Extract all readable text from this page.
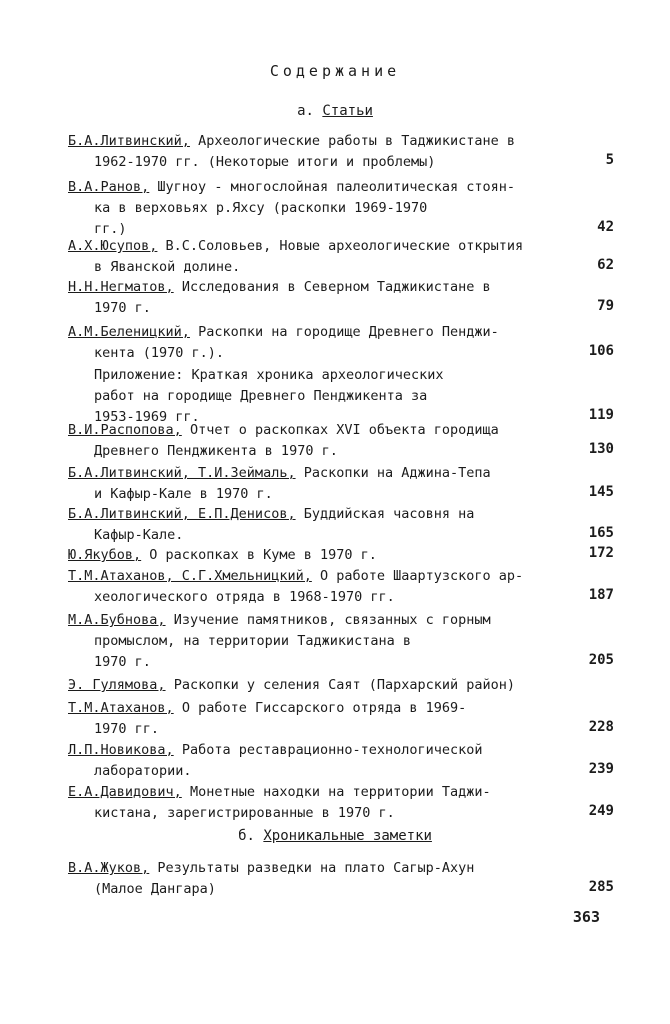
Содержание
а. Статьи
б. Хроникальные заметки
Б.А.Литвинский, Археологические работы в Таджикистане в
1962-1970 гг. (Некоторые итоги и проблемы)	5
В.А.Ранов, Шугноу - многослойная палеолитическая стоян-
ка в верховьях р.Яхсу (раскопки 1969-1970
гг.)	42
А.Х.Юсупов, В.С.Соловьев, Новые археологические открытия
в Яванской долине.	62
Н.Н.Негматов, Исследования в Северном Таджикистане в
1970 г.	79
А.М.Беленицкий, Раскопки на городище Древнего Пенджи-
кента (1970 г.).	106
Приложение: Краткая хроника археологических
работ на городище Древнего Пенджикента за
1953-1969 гг.	119
В.И.Распопова, Отчет о раскопках XVI объекта городища
Древнего Пенджикента в 1970 г.	130
Б.А.Литвинский, Т.И.Зеймаль, Раскопки на Аджина-Тепа
и Кафыр-Кале в 1970 г.	145
Б.А.Литвинский, Е.П.Денисов, Буддийская часовня на
Кафыр-Кале.	165
Ю.Якубов, О раскопках в Куме в 1970 г.	172
Т.М.Атаханов, С.Г.Хмельницкий, О работе Шаартузского ар-
хеологического отряда в 1968-1970 гг.	187
М.А.Бубнова, Изучение памятников, связанных с горным
промыслом, на территории Таджикистана в
1970 г.	205
Э. Гулямова, Раскопки у селения Саят (Пархарский район)
Т.М.Атаханов, О работе Гиссарского отряда в 1969-
1970 гг.	228
Л.П.Новикова, Работа реставрационно-технологической
лаборатории.	239
Е.А.Давидович, Монетные находки на территории Таджи-
кистана, зарегистрированные в 1970 г.	249
В.А.Жуков, Результаты разведки на плато Сагыр-Ахун
(Малое Дангара)	285
363
